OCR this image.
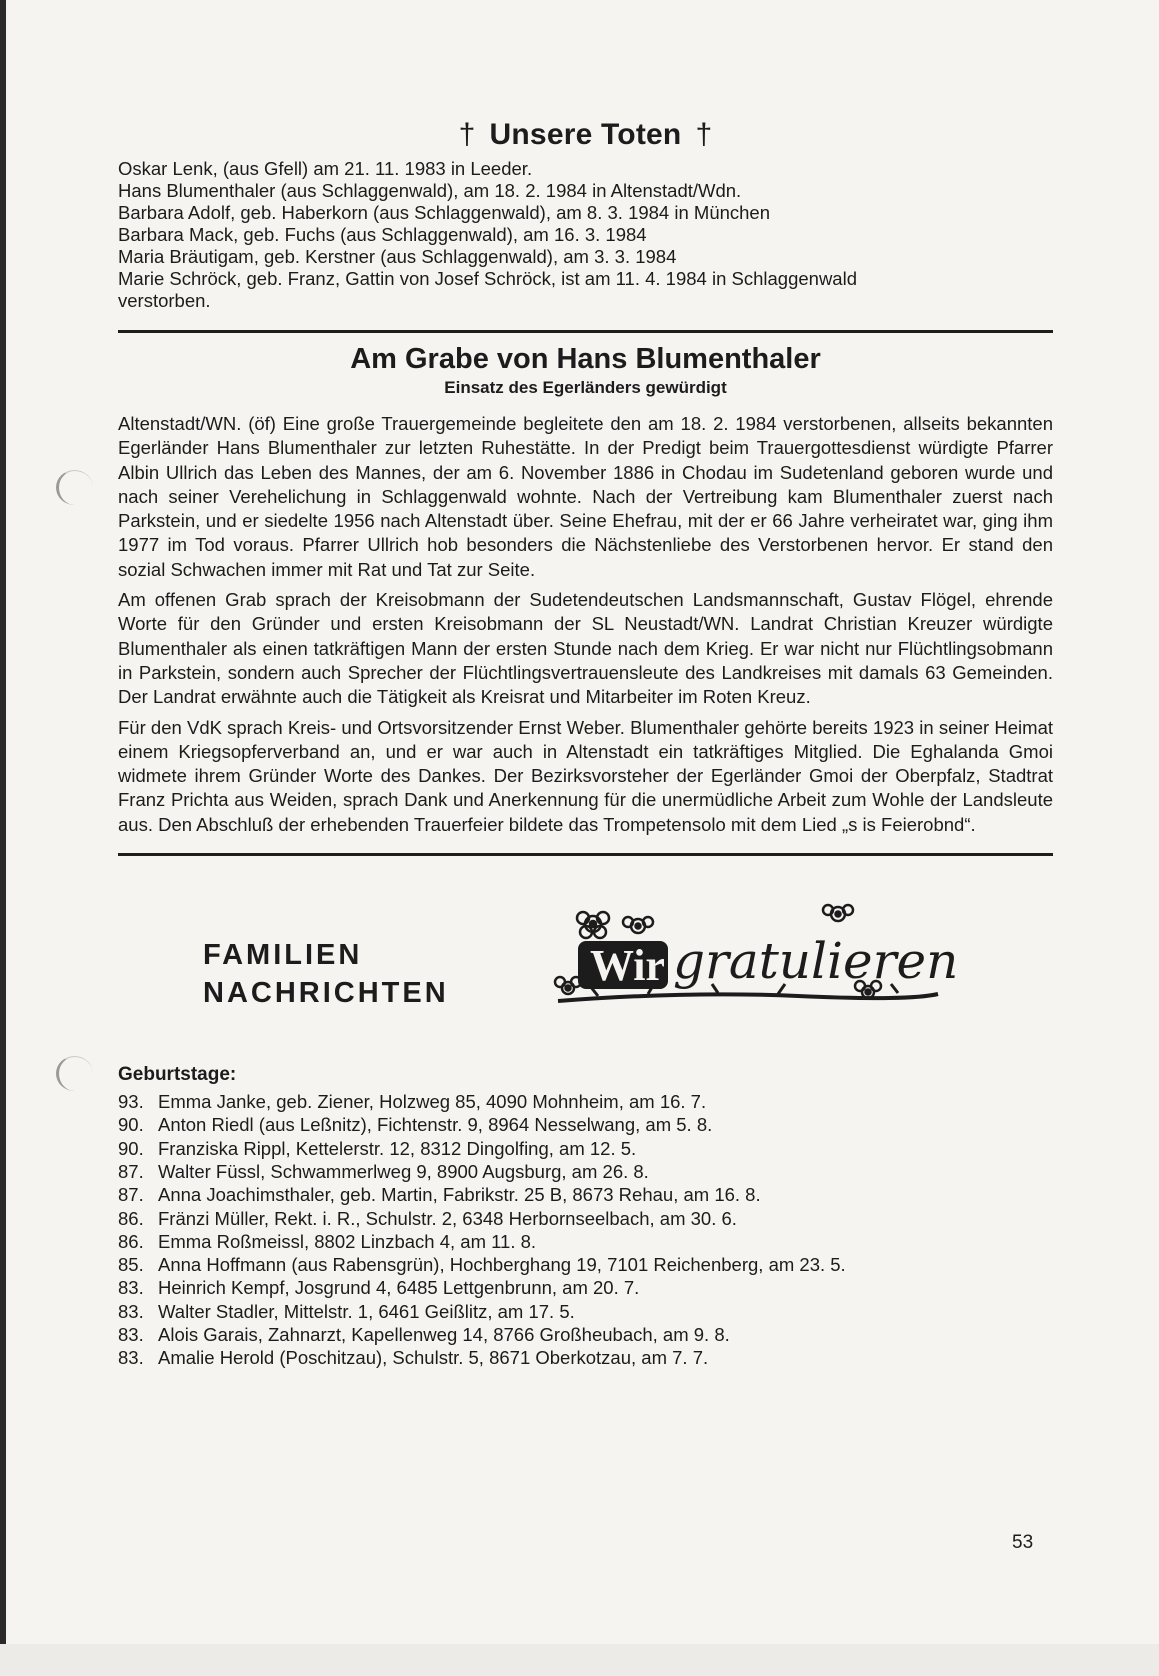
† Unsere Toten †
Oskar Lenk, (aus Gfell) am 21. 11. 1983 in Leeder.
Hans Blumenthaler (aus Schlaggenwald), am 18. 2. 1984 in Altenstadt/Wdn.
Barbara Adolf, geb. Haberkorn (aus Schlaggenwald), am 8. 3. 1984 in München
Barbara Mack, geb. Fuchs (aus Schlaggenwald), am 16. 3. 1984
Maria Bräutigam, geb. Kerstner (aus Schlaggenwald), am 3. 3. 1984
Marie Schröck, geb. Franz, Gattin von Josef Schröck, ist am 11. 4. 1984 in Schlaggenwald
verstorben.
Am Grabe von Hans Blumenthaler
Einsatz des Egerländers gewürdigt

Altenstadt/WN. (öf) Eine große Trauergemeinde begleitete den am 18. 2. 1984 verstorbenen, allseits bekannten Egerländer Hans Blumenthaler zur letzten Ruhestätte. In der Predigt beim Trauergottesdienst würdigte Pfarrer Albin Ullrich das Leben des Mannes, der am 6. November 1886 in Chodau im Sudetenland geboren wurde und nach seiner Verehelichung in Schlaggenwald wohnte. Nach der Vertreibung kam Blumenthaler zuerst nach Parkstein, und er siedelte 1956 nach Altenstadt über. Seine Ehefrau, mit der er 66 Jahre verheiratet war, ging ihm 1977 im Tod voraus. Pfarrer Ullrich hob besonders die Nächstenliebe des Verstorbenen hervor. Er stand den sozial Schwachen immer mit Rat und Tat zur Seite.

Am offenen Grab sprach der Kreisobmann der Sudetendeutschen Landsmannschaft, Gustav Flögel, ehrende Worte für den Gründer und ersten Kreisobmann der SL Neustadt/WN. Landrat Christian Kreuzer würdigte Blumenthaler als einen tatkräftigen Mann der ersten Stunde nach dem Krieg. Er war nicht nur Flüchtlingsobmann in Parkstein, sondern auch Sprecher der Flüchtlingsvertrauensleute des Landkreises mit damals 63 Gemeinden. Der Landrat erwähnte auch die Tätigkeit als Kreisrat und Mitarbeiter im Roten Kreuz.

Für den VdK sprach Kreis- und Ortsvorsitzender Ernst Weber. Blumenthaler gehörte bereits 1923 in seiner Heimat einem Kriegsopferverband an, und er war auch in Altenstadt ein tatkräftiges Mitglied. Die Eghalanda Gmoi widmete ihrem Gründer Worte des Dankes. Der Bezirksvorsteher der Egerländer Gmoi der Oberpfalz, Stadtrat Franz Prichta aus Weiden, sprach Dank und Anerkennung für die unermüdliche Arbeit zum Wohle der Landsleute aus. Den Abschluß der erhebenden Trauerfeier bildete das Trompetensolo mit dem Lied „s is Feierobnd“.

FAMILIEN
NACHRICHTEN
Wir gratulieren
Geburtstage:
93. Emma Janke, geb. Ziener, Holzweg 85, 4090 Mohnheim, am 16. 7.
90. Anton Riedl (aus Leßnitz), Fichtenstr. 9, 8964 Nesselwang, am 5. 8.
90. Franziska Rippl, Kettelerstr. 12, 8312 Dingolfing, am 12. 5.
87. Walter Füssl, Schwammerlweg 9, 8900 Augsburg, am 26. 8.
87. Anna Joachimsthaler, geb. Martin, Fabrikstr. 25 B, 8673 Rehau, am 16. 8.
86. Fränzi Müller, Rekt. i. R., Schulstr. 2, 6348 Herbornseelbach, am 30. 6.
86. Emma Roßmeissl, 8802 Linzbach 4, am 11. 8.
85. Anna Hoffmann (aus Rabensgrün), Hochberghang 19, 7101 Reichenberg, am 23. 5.
83. Heinrich Kempf, Josgrund 4, 6485 Lettgenbrunn, am 20. 7.
83. Walter Stadler, Mittelstr. 1, 6461 Geißlitz, am 17. 5.
83. Alois Garais, Zahnarzt, Kapellenweg 14, 8766 Großheubach, am 9. 8.
83. Amalie Herold (Poschitzau), Schulstr. 5, 8671 Oberkotzau, am 7. 7.
53
